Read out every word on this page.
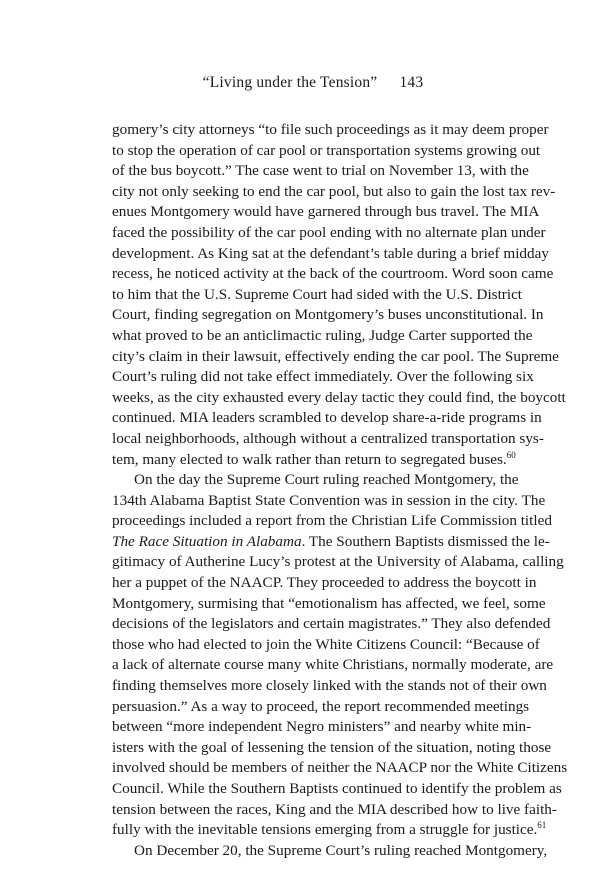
“Living under the Tension” 143
gomery’s city attorneys “to file such proceedings as it may deem proper
to stop the operation of car pool or transportation systems growing out
of the bus boycott.” The case went to trial on November 13, with the
city not only seeking to end the car pool, but also to gain the lost tax rev-
enues Montgomery would have garnered through bus travel. The MIA
faced the possibility of the car pool ending with no alternate plan under
development. As King sat at the defendant’s table during a brief midday
recess, he noticed activity at the back of the courtroom. Word soon came
to him that the U.S. Supreme Court had sided with the U.S. District
Court, finding segregation on Montgomery’s buses unconstitutional. In
what proved to be an anticlimactic ruling, Judge Carter supported the
city’s claim in their lawsuit, effectively ending the car pool. The Supreme
Court’s ruling did not take effect immediately. Over the following six
weeks, as the city exhausted every delay tactic they could find, the boycott
continued. MIA leaders scrambled to develop share-a-ride programs in
local neighborhoods, although without a centralized transportation sys-
tem, many elected to walk rather than return to segregated buses.$^{60}$
On the day the Supreme Court ruling reached Montgomery, the
134th Alabama Baptist State Convention was in session in the city. The
proceedings included a report from the Christian Life Commission titled
The Race Situation in Alabama. The Southern Baptists dismissed the le-
gitimacy of Autherine Lucy’s protest at the University of Alabama, calling
her a puppet of the NAACP. They proceeded to address the boycott in
Montgomery, surmising that “emotionalism has affected, we feel, some
decisions of the legislators and certain magistrates.” They also defended
those who had elected to join the White Citizens Council: “Because of
a lack of alternate course many white Christians, normally moderate, are
finding themselves more closely linked with the stands not of their own
persuasion.” As a way to proceed, the report recommended meetings
between “more independent Negro ministers” and nearby white min-
isters with the goal of lessening the tension of the situation, noting those
involved should be members of neither the NAACP nor the White Citizens
Council. While the Southern Baptists continued to identify the problem as
tension between the races, King and the MIA described how to live faith-
fully with the inevitable tensions emerging from a struggle for justice.$^{61}$
On December 20, the Supreme Court’s ruling reached Montgomery,
